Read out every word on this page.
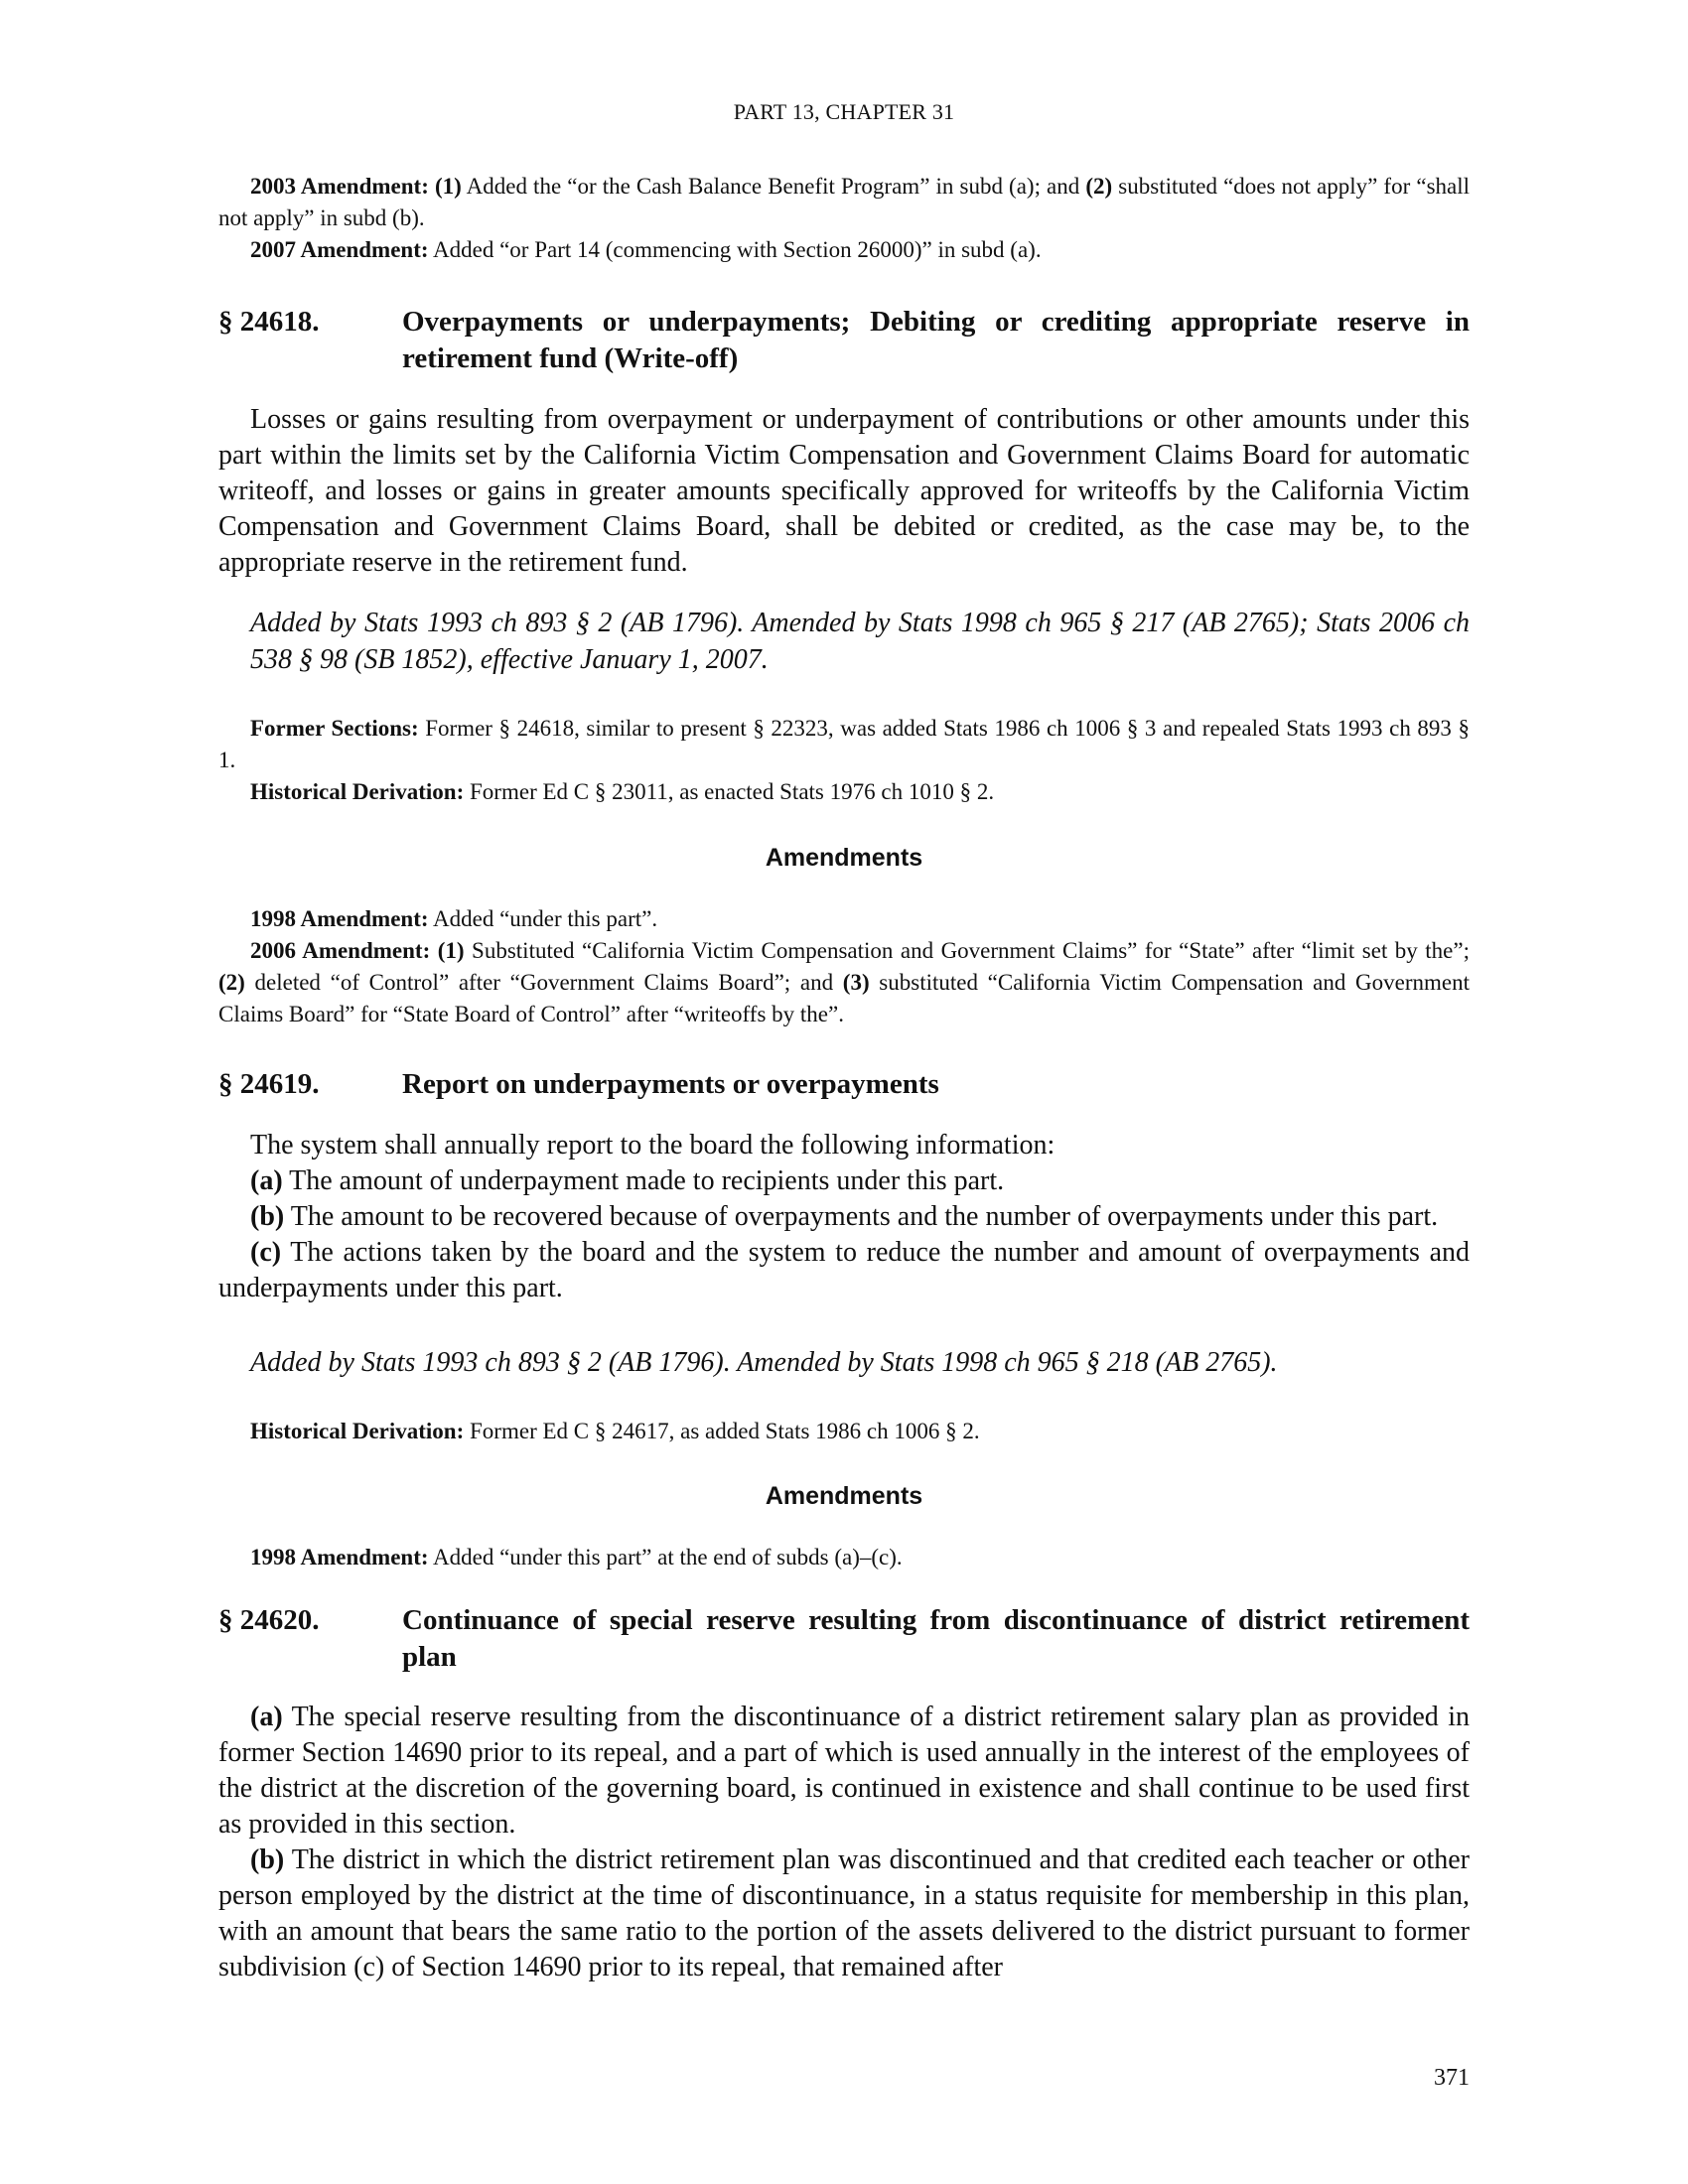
PART 13, CHAPTER 31

2003 Amendment: (1) Added the “or the Cash Balance Benefit Program” in subd (a); and (2) substituted “does not apply” for “shall not apply” in subd (b).

2007 Amendment: Added “or Part 14 (commencing with Section 26000)” in subd (a).

§ 24618.	Overpayments or underpayments; Debiting or crediting appropriate reserve in retirement fund (Write-off)

Losses or gains resulting from overpayment or underpayment of contributions or other amounts under this part within the limits set by the California Victim Compensation and Government Claims Board for automatic writeoff, and losses or gains in greater amounts specifically approved for writeoffs by the California Victim Compensation and Government Claims Board, shall be debited or credited, as the case may be, to the appropriate reserve in the retirement fund.

Added by Stats 1993 ch 893 § 2 (AB 1796). Amended by Stats 1998 ch 965 § 217 (AB 2765); Stats 2006 ch 538 § 98 (SB 1852), effective January 1, 2007.

Former Sections: Former § 24618, similar to present § 22323, was added Stats 1986 ch 1006 § 3 and repealed Stats 1993 ch 893 § 1.

Historical Derivation: Former Ed C § 23011, as enacted Stats 1976 ch 1010 § 2.

Amendments

1998 Amendment: Added “under this part”.

2006 Amendment: (1) Substituted “California Victim Compensation and Government Claims” for “State” after “limit set by the”; (2) deleted “of Control” after “Government Claims Board”; and (3) substituted “California Victim Compensation and Government Claims Board” for “State Board of Control” after “writeoffs by the”.

§ 24619.	Report on underpayments or overpayments

The system shall annually report to the board the following information:

(a) The amount of underpayment made to recipients under this part.

(b) The amount to be recovered because of overpayments and the number of overpayments under this part.

(c) The actions taken by the board and the system to reduce the number and amount of overpayments and underpayments under this part.

Added by Stats 1993 ch 893 § 2 (AB 1796). Amended by Stats 1998 ch 965 § 218 (AB 2765).

Historical Derivation: Former Ed C § 24617, as added Stats 1986 ch 1006 § 2.

Amendments

1998 Amendment: Added “under this part” at the end of subds (a)–(c).

§ 24620.	Continuance of special reserve resulting from discontinuance of district retirement plan

(a) The special reserve resulting from the discontinuance of a district retirement salary plan as provided in former Section 14690 prior to its repeal, and a part of which is used annually in the interest of the employees of the district at the discretion of the governing board, is continued in existence and shall continue to be used first as provided in this section.

(b) The district in which the district retirement plan was discontinued and that credited each teacher or other person employed by the district at the time of discontinuance, in a status requisite for membership in this plan, with an amount that bears the same ratio to the portion of the assets delivered to the district pursuant to former subdivision (c) of Section 14690 prior to its repeal, that remained after

371
